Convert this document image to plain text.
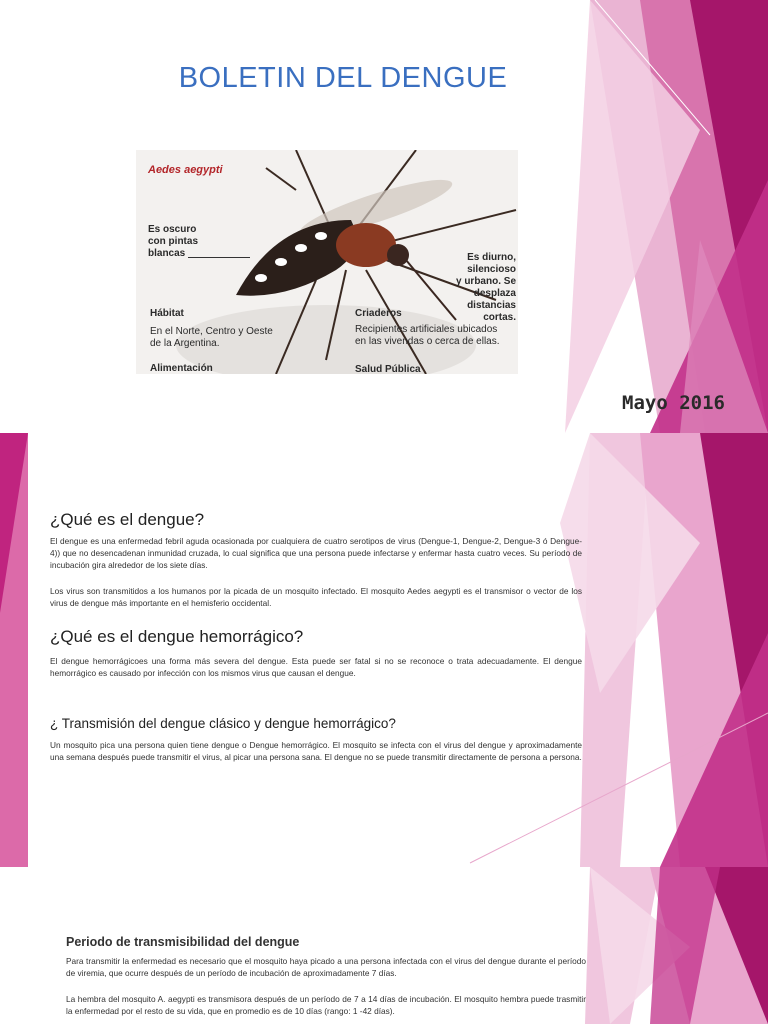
BOLETIN DEL DENGUE
Aedes aegypti
Es oscuro
con pintas
blancas	Es diurno, silencioso
y urbano. Se desplaza
distancias cortas.
Hábitat
En el Norte, Centro y Oeste
de la Argentina.
Criaderos
Recipientes artificiales ubicados
en las vivendas o cerca de ellas.
Alimentación	Salud Pública
Mayo 2016
¿Qué es el dengue?

El dengue es una enfermedad febril aguda ocasionada por cualquiera de cuatro serotipos de virus (Dengue-1, Dengue-2, Dengue-3 ó Dengue-4)) que no desencadenan inmunidad cruzada, lo cual significa que una persona puede infectarse y enfermar hasta cuatro veces. Su período de incubación gira alrededor de los siete días.

Los virus son transmitidos a los humanos por la picada de un mosquito infectado. El mosquito Aedes aegypti es el transmisor o vector de los virus de dengue más importante en el hemisferio occidental.

¿Qué es el dengue hemorrágico?

El dengue hemorrágicoes una forma más severa del dengue. Esta puede ser fatal si no se reconoce o trata adecuadamente. El dengue hemorrágico es causado por infección con los mismos virus que causan el dengue.

¿ Transmisión del dengue clásico y dengue hemorrágico?

Un mosquito pica una persona quien tiene dengue o Dengue hemorrágico. El mosquito se infecta con el virus del dengue y aproximadamente una semana después puede transmitir el virus, al picar una persona sana. El dengue no se puede transmitir directamente de persona a persona.

Periodo de transmisibilidad del dengue

Para transmitir la enfermedad es necesario que el mosquito haya picado a una persona infectada con el virus del dengue durante el período de viremia, que ocurre después de un período de incubación de aproximadamente 7 días.

La hembra del mosquito A. aegypti es transmisora después de un período de 7 a 14 días de incubación. El mosquito hembra puede trasmitir la enfermedad por el resto de su vida, que en promedio es de 10 días (rango: 1 -42 días).
